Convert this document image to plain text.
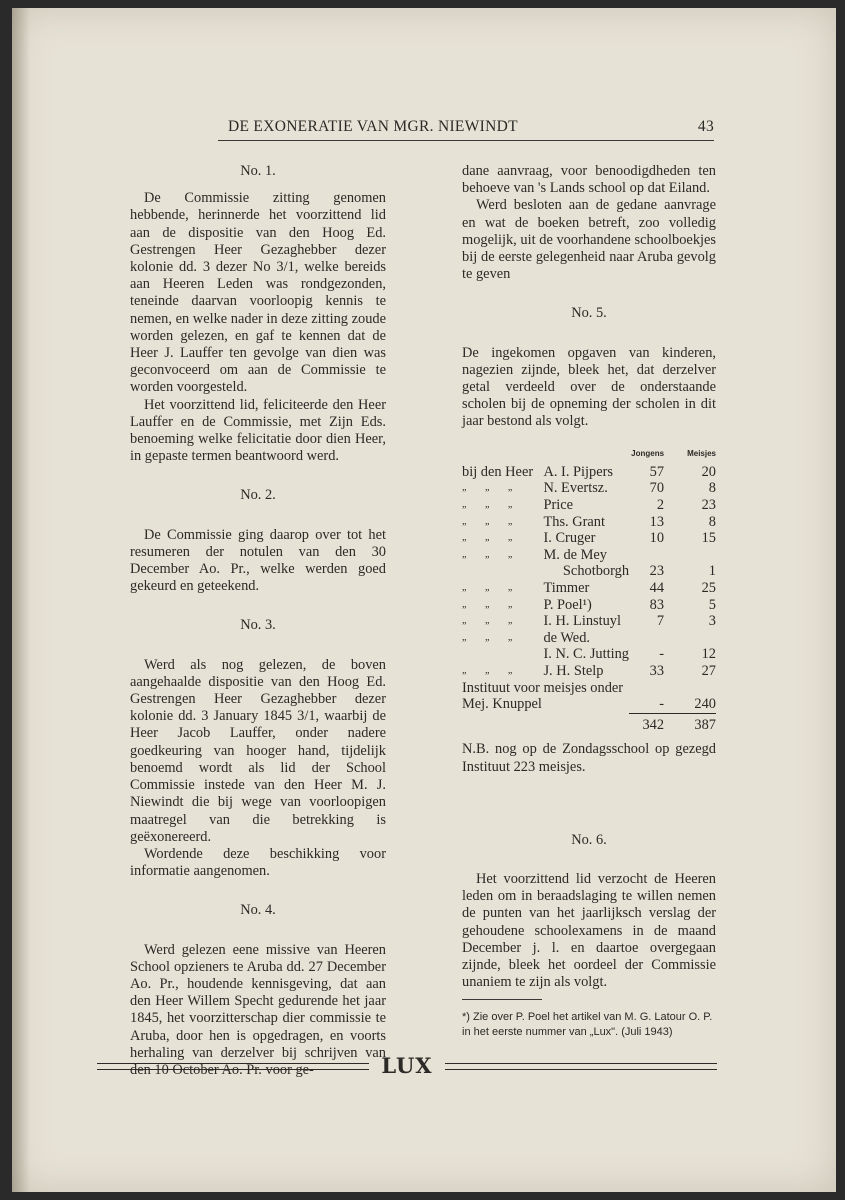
DE EXONERATIE VAN MGR. NIEWINDT	43
No. 1.

De Commissie zitting genomen hebbende, herinnerde het voorzittend lid aan de dispositie van den Hoog Ed. Gestrengen Heer Gezaghebber dezer kolonie dd. 3 dezer No 3/1, welke bereids aan Heeren Leden was rondgezonden, teneinde daarvan voorloopig kennis te nemen, en welke nader in deze zitting zoude worden gelezen, en gaf te kennen dat de Heer J. Lauffer ten gevolge van dien was geconvoceerd om aan de Commissie te worden voorgesteld.

Het voorzittend lid, feliciteerde den Heer Lauffer en de Commissie, met Zijn Eds. benoeming welke felicitatie door dien Heer, in gepaste termen beantwoord werd.

No. 2.

De Commissie ging daarop over tot het resumeren der notulen van den 30 December Ao. Pr., welke werden goed gekeurd en geteekend.

No. 3.

Werd als nog gelezen, de boven aangehaalde dispositie van den Hoog Ed. Gestrengen Heer Gezaghebber dezer kolonie dd. 3 January 1845 3/1, waarbij de Heer Jacob Lauffer, onder nadere goedkeuring van hooger hand, tijdelijk benoemd wordt als lid der School Commissie instede van den Heer M. J. Niewindt die bij wege van voorloopigen maatregel van die betrekking is geëxonereerd.

Wordende deze beschikking voor informatie aangenomen.

No. 4.

Werd gelezen eene missive van Heeren School opzieners te Aruba dd. 27 December Ao. Pr., houdende kennisgeving, dat aan den Heer Willem Specht gedurende het jaar 1845, het voorzitterschap dier commissie te Aruba, door hen is opgedragen, en voorts herhaling van derzelver bij schrijven van den 10 October Ao. Pr. voor ge-

dane aanvraag, voor benoodigdheden ten behoeve van 's Lands school op dat Eiland.

Werd besloten aan de gedane aanvrage en wat de boeken betreft, zoo volledig mogelijk, uit de voorhandene schoolboekjes bij de eerste gelegenheid naar Aruba gevolg te geven

No. 5.

De ingekomen opgaven van kinderen, nagezien zijnde, bleek het, dat derzelver getal verdeeld over de onderstaande scholen bij de opneming der scholen in dit jaar bestond als volgt.

		Jongens	Meisjes
bij den Heer	A. I. Pijpers	57	20
„ „ „	N. Evertsz.	70	8
„ „ „	Price	2	23
„ „ „	Ths. Grant	13	8
„ „ „	I. Cruger	10	15
„ „ „	M. de Mey		
	Schotborgh	23	1
„ „ „	Timmer	44	25
„ „ „	P. Poel¹)	83	5
„ „ „	I. H. Linstuyl	7	3
„ „ „	de Wed.		
	I. N. C. Jutting	-	12
„ „ „	J. H. Stelp	33	27
Instituut voor meisjes onder			
Mej. Knuppel		-	240
		342	387

N.B. nog op de Zondagsschool op gezegd Instituut 223 meisjes.

No. 6.

Het voorzittend lid verzocht de Heeren leden om in beraadslaging te willen nemen de punten van het jaarlijksch verslag der gehoudene schoolexamens in de maand December j. l. en daartoe overgegaan zijnde, bleek het oordeel der Commissie unaniem te zijn als volgt.

*) Zie over P. Poel het artikel van M. G. Latour O. P. in het eerste nummer van „Lux". (Juli 1943)
LUX
